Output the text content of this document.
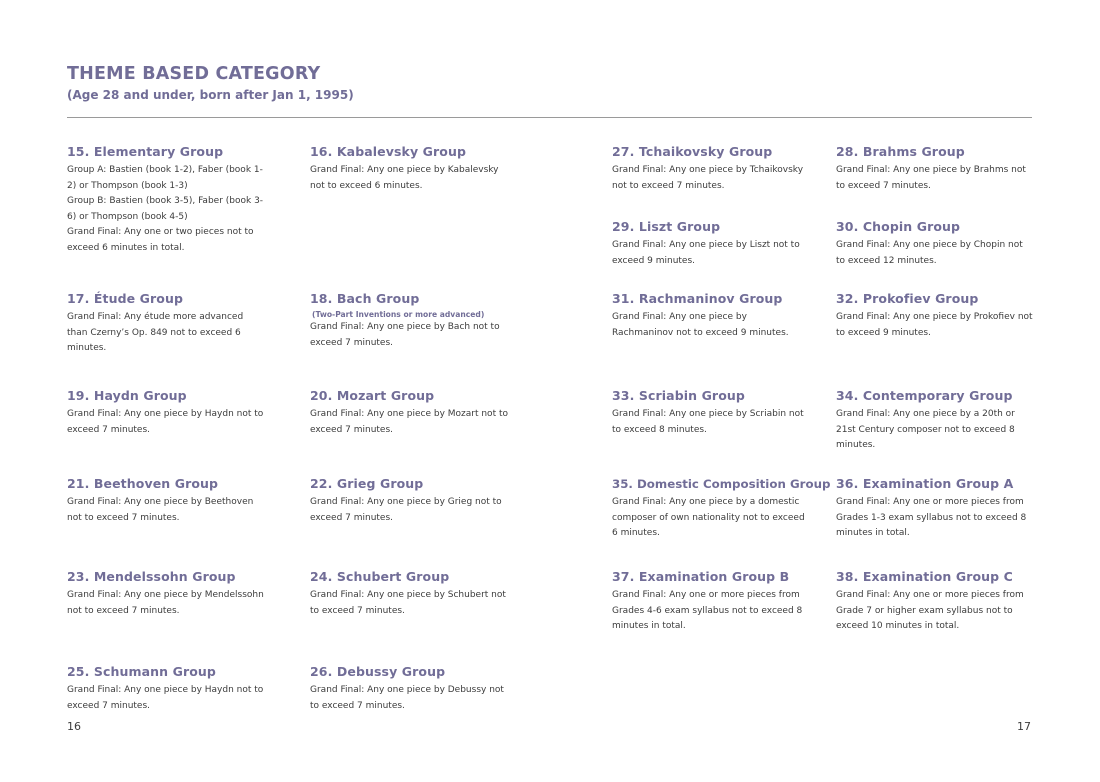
THEME BASED CATEGORY
(Age 28 and under, born after Jan 1, 1995)
15. Elementary Group

Group A: Bastien (book 1-2), Faber (book 1-2) or Thompson (book 1-3)
Group B: Bastien (book 3-5), Faber (book 3-6) or Thompson (book 4-5)
Grand Final: Any one or two pieces not to exceed 6 minutes in total.

17. Étude Group

Grand Final: Any étude more advanced than Czerny’s Op. 849 not to exceed 6 minutes.

19. Haydn Group

Grand Final: Any one piece by Haydn not to exceed 7 minutes.

21. Beethoven Group

Grand Final: Any one piece by Beethoven not to exceed 7 minutes.

23. Mendelssohn Group

Grand Final: Any one piece by Mendelssohn not to exceed 7 minutes.

25. Schumann Group

Grand Final: Any one piece by Haydn not to exceed 7 minutes.

16. Kabalevsky Group

Grand Final: Any one piece by Kabalevsky not to exceed 6 minutes.

18. Bach Group
(Two-Part Inventions or more advanced)

Grand Final: Any one piece by Bach not to exceed 7 minutes.

20. Mozart Group

Grand Final: Any one piece by Mozart not to exceed 7 minutes.

22. Grieg Group

Grand Final: Any one piece by Grieg not to exceed 7 minutes.

24. Schubert Group

Grand Final: Any one piece by Schubert not to exceed 7 minutes.

26. Debussy Group

Grand Final: Any one piece by Debussy not to exceed 7 minutes.

27. Tchaikovsky Group

Grand Final: Any one piece by Tchaikovsky not to exceed 7 minutes.

29. Liszt Group

Grand Final: Any one piece by Liszt not to exceed 9 minutes.

31. Rachmaninov Group

Grand Final: Any one piece by Rachmaninov not to exceed 9 minutes.

33. Scriabin Group

Grand Final: Any one piece by Scriabin not to exceed 8 minutes.

35. Domestic Composition Group

Grand Final: Any one piece by a domestic composer of own nationality not to exceed 6 minutes.

37. Examination Group B

Grand Final: Any one or more pieces from Grades 4-6 exam syllabus not to exceed 8 minutes in total.

28. Brahms Group

Grand Final: Any one piece by Brahms not to exceed 7 minutes.

30. Chopin Group

Grand Final: Any one piece by Chopin not to exceed 12 minutes.

32. Prokofiev Group

Grand Final: Any one piece by Prokofiev not to exceed 9 minutes.

34. Contemporary Group

Grand Final: Any one piece by a 20th or 21st Century composer not to exceed 8 minutes.

36. Examination Group A

Grand Final: Any one or more pieces from Grades 1-3 exam syllabus not to exceed 8 minutes in total.

38. Examination Group C

Grand Final: Any one or more pieces from Grade 7 or higher exam syllabus not to exceed 10 minutes in total.

16	17
